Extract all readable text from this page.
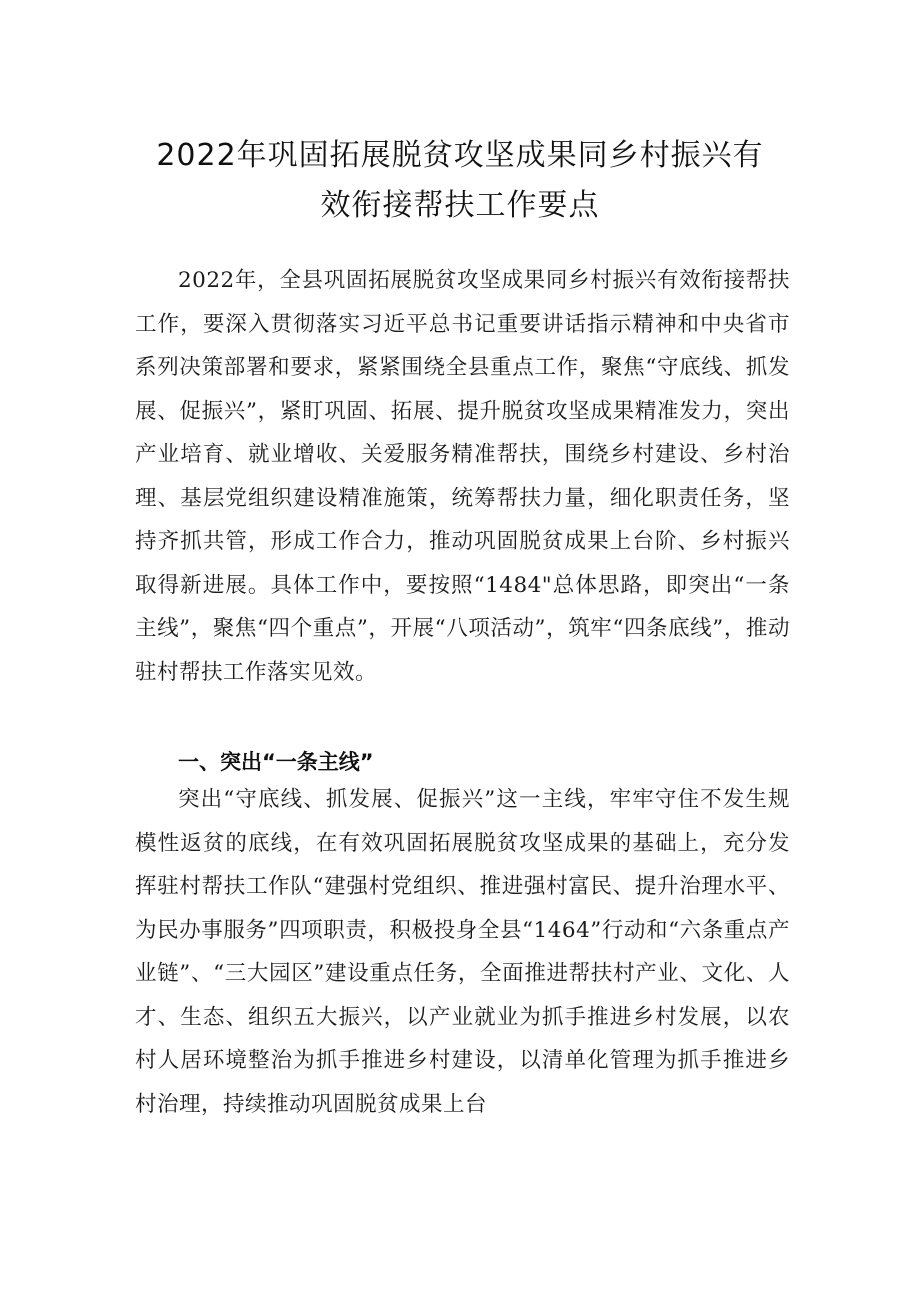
2022年巩固拓展脱贫攻坚成果同乡村振兴有
效衔接帮扶工作要点

2022年，全县巩固拓展脱贫攻坚成果同乡村振兴有效衔接帮扶工作，要深入贯彻落实习近平总书记重要讲话指示精神和中央省市系列决策部署和要求，紧紧围绕全县重点工作，聚焦“守底线、抓发展、促振兴”，紧盯巩固、拓展、提升脱贫攻坚成果精准发力，突出产业培育、就业增收、关爱服务精准帮扶，围绕乡村建设、乡村治理、基层党组织建设精准施策，统筹帮扶力量，细化职责任务，坚持齐抓共管，形成工作合力，推动巩固脱贫成果上台阶、乡村振兴取得新进展。具体工作中，要按照“1484"总体思路，即突出“一条主线”，聚焦“四个重点”，开展“八项活动”，筑牢“四条底线”，推动驻村帮扶工作落实见效。

一、突出“一条主线”

突出“守底线、抓发展、促振兴”这一主线，牢牢守住不发生规模性返贫的底线，在有效巩固拓展脱贫攻坚成果的基础上，充分发挥驻村帮扶工作队“建强村党组织、推进强村富民、提升治理水平、为民办事服务”四项职责，积极投身全县“1464”行动和“六条重点产业链”、“三大园区”建设重点任务，全面推进帮扶村产业、文化、人才、生态、组织五大振兴，以产业就业为抓手推进乡村发展，以农村人居环境整治为抓手推进乡村建设，以清单化管理为抓手推进乡村治理，持续推动巩固脱贫成果上台
